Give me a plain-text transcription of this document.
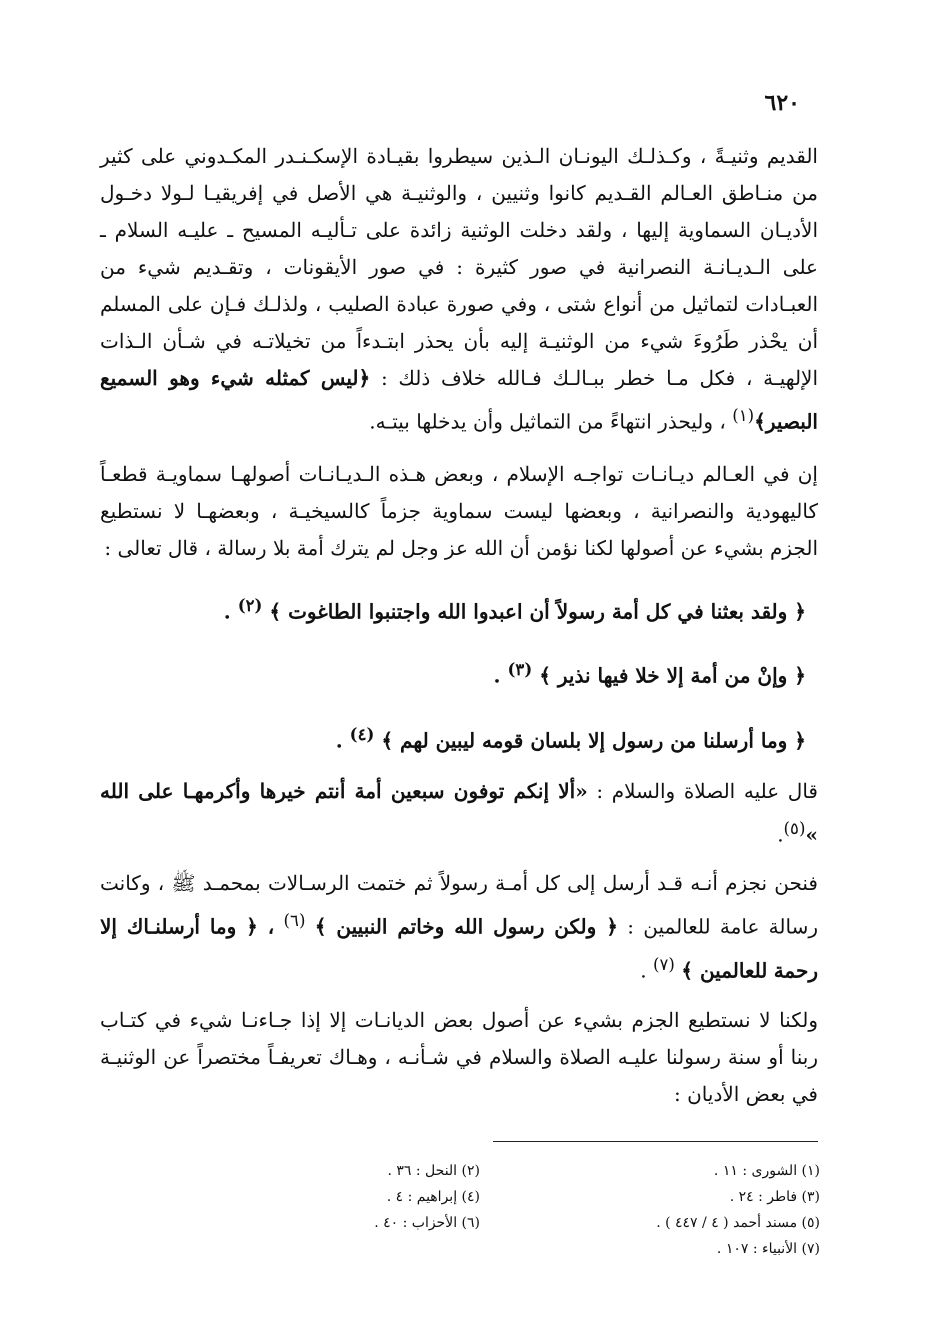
٦٢٠

القديم وثنيـةً ، وكـذلـك اليونـان الـذين سيطروا بقيـادة الإسكـنـدر المكـدوني على كثير من منـاطق العـالم القـديم كانوا وثنيين ، والوثنيـة هي الأصل في إفريقيـا لـولا دخـول الأديـان السماوية إليها ، ولقد دخلت الوثنية زائدة على تـأليـه المسيح ـ عليـه السلام ـ على الـديـانـة النصرانية في صور كثيرة : في صور الأيقونات ، وتقـديم شيء من العبـادات لتماثيل من أنواع شتى ، وفي صورة عبادة الصليب ، ولذلـك فـإن على المسلم أن يحْذر طَرُوءَ شيء من الوثنيـة إليه بأن يحذر ابتـدءاً من تخيلاتـه في شـأن الـذات الإلهيـة ، فكل مـا خطر ببـالـك فـالله خلاف ذلك : ﴿ليس كمثله شيء وهو السميع البصير﴾$^{(١)}$ ، وليحذر انتهاءً من التماثيل وأن يدخلها بيتـه.

إن في العـالم ديـانـات تواجـه الإسلام ، وبعض هـذه الـديـانـات أصولهـا سماويـة قطعـاً كاليهودية والنصرانية ، وبعضها ليست سماوية جزماً كالسيخيـة ، وبعضهـا لا نستطيع الجزم بشيء عن أصولها لكنا نؤمن أن الله عز وجل لم يترك أمة بلا رسالة ، قال تعالى :

﴿ ولقد بعثنا في كل أمة رسولاً أن اعبدوا الله واجتنبوا الطاغوت ﴾ $^{(٢)}$ .
﴿ وإنْ من أمة إلا خلا فيها نذير ﴾ $^{(٣)}$ .
﴿ وما أرسلنا من رسول إلا بلسان قومه ليبين لهم ﴾ $^{(٤)}$ .

قال عليه الصلاة والسلام : «ألا إنكم توفون سبعين أمة أنتم خيرها وأكرمهـا على الله »$^{(٥)}$.

فنحن نجزم أنـه قـد أرسل إلى كل أمـة رسولاً ثم ختمت الرسـالات بمحمـد ﷺ ، وكانت رسالة عامة للعالمين : ﴿ ولكن رسول الله وخاتم النبيين ﴾ $^{(٦)}$ ، ﴿ وما أرسلنـاك إلا رحمة للعالمين ﴾ $^{(٧)}$ .

ولكنا لا نستطيع الجزم بشيء عن أصول بعض الديانـات إلا إذا جـاءنـا شيء في كتـاب ربنا أو سنة رسولنا عليـه الصلاة والسلام في شـأنـه ، وهـاك تعريفـاً مختصراً عن الوثنيـة في بعض الأديان :

(١) الشورى : ١١ .
(٣) فاطر : ٢٤ .
(٥) مسند أحمد ( ٤ / ٤٤٧ ) .
(٧) الأنبياء : ١٠٧ .
(٢) النحل : ٣٦ .
(٤) إبراهيم : ٤ .
(٦) الأحزاب : ٤٠ .
